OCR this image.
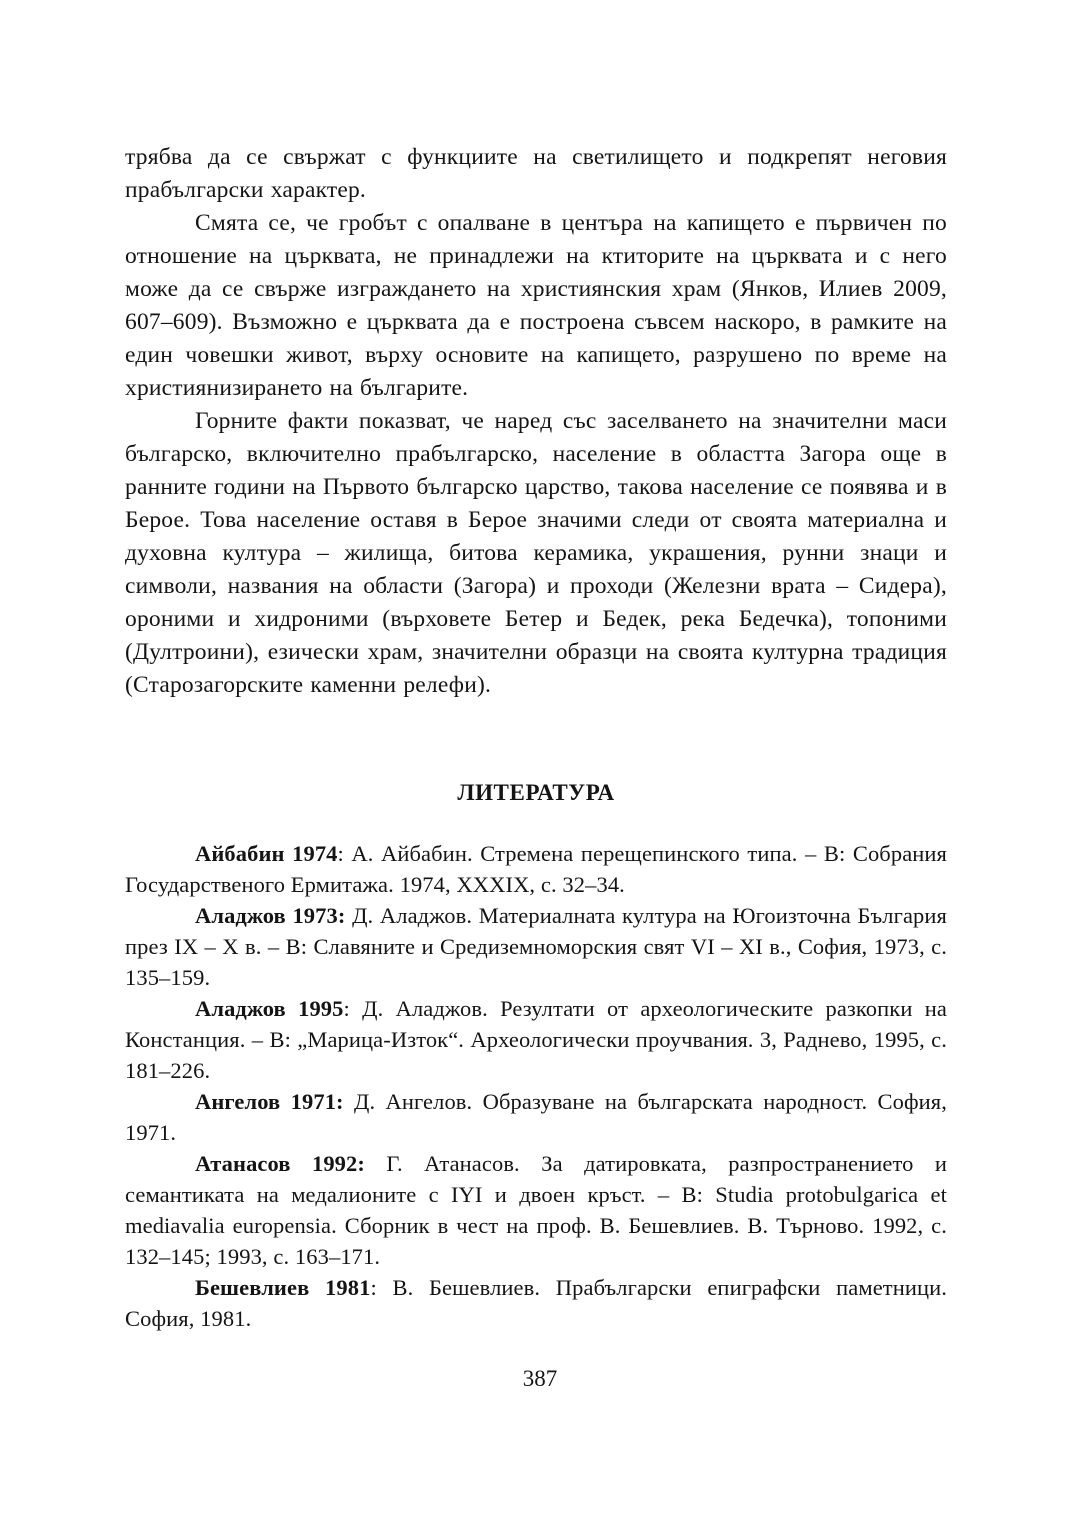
трябва да се свържат с функциите на светилището и подкрепят неговия прабългарски характер.

Смята се, че гробът с опалване в центъра на капището е първичен по отношение на църквата, не принадлежи на ктиторите на църквата и с него може да се свърже изграждането на християнския храм (Янков, Илиев 2009, 607–609). Възможно е църквата да е построена съвсем наскоро, в рамките на един човешки живот, върху основите на капището, разрушено по време на християнизирането на българите.

Горните факти показват, че наред със заселването на значителни маси българско, включително прабългарско, население в областта Загора още в ранните години на Първото българско царство, такова население се появява и в Берое. Това население оставя в Берое значими следи от своята материална и духовна култура – жилища, битова керамика, украшения, рунни знаци и символи, названия на области (Загора) и проходи (Железни врата – Сидера), ороними и хидроними (върховете Бетер и Бедек, река Бедечка), топоними (Дултроини), езически храм, значителни образци на своята културна традиция (Старозагорските каменни релефи).

ЛИТЕРАТУРА

Айбабин 1974: А. Айбабин. Стремена перещепинского типа. – В: Собрания Государственого Ермитажа. 1974, XXXIX, с. 32–34.

Аладжов 1973: Д. Аладжов. Материалната култура на Югоизточна България през IX – X в. – В: Славяните и Средиземноморския свят VI – XI в., София, 1973, с. 135–159.

Аладжов 1995: Д. Аладжов. Резултати от археологическите разкопки на Констанция. – В: „Марица-Изток“. Археологически проучвания. 3, Раднево, 1995, с. 181–226.

Ангелов 1971: Д. Ангелов. Образуване на българската народност. София, 1971.

Атанасов 1992: Г. Атанасов. За датировката, разпространението и семантиката на медалионите с IYI и двоен кръст. – В: Studia protobulgarica et mediavalia europensia. Сборник в чест на проф. В. Бешевлиев. В. Търново. 1992, с. 132–145; 1993, с. 163–171.

Бешевлиев 1981: В. Бешевлиев. Прабългарски епиграфски паметници. София, 1981.

387
